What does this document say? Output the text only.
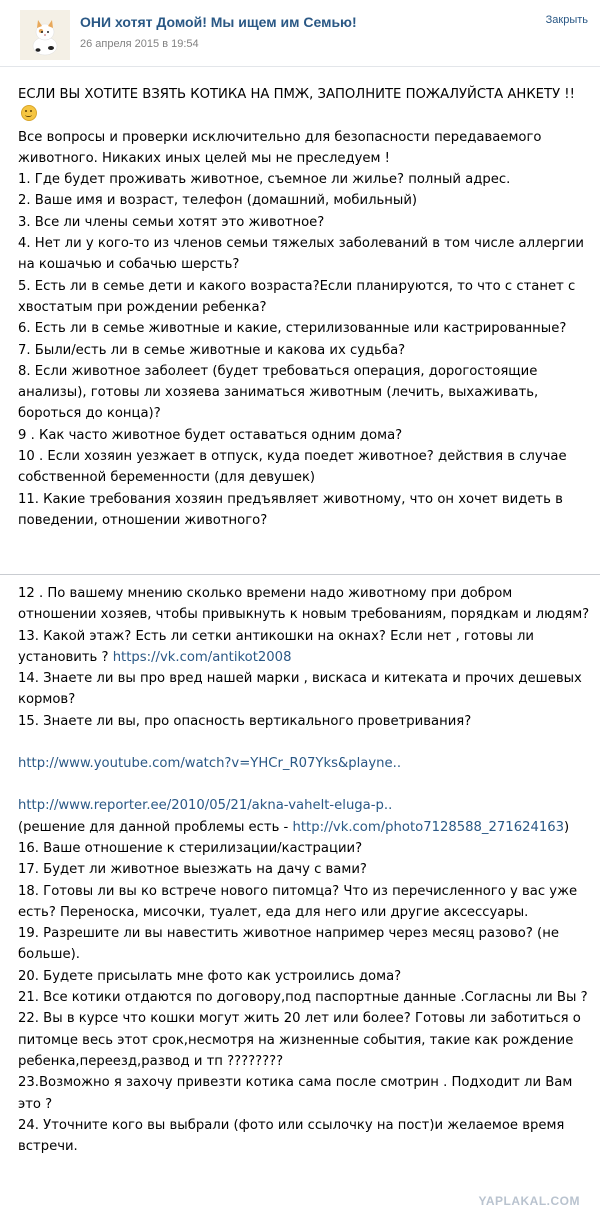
ОНИ хотят Домой! Мы ищем им Семью!
26 апреля 2015 в 19:54
Закрыть

ЕСЛИ ВЫ ХОТИТЕ ВЗЯТЬ КОТИКА НА ПМЖ, ЗАПОЛНИТЕ ПОЖАЛУЙСТА АНКЕТУ !!

Все вопросы и проверки исключительно для безопасности передаваемого животного. Никаких иных целей мы не преследуем !

1. Где будет проживать животное, съемное ли жилье? полный адрес.

2. Ваше имя и возраст, телефон (домашний, мобильный)

3. Все ли члены семьи хотят это животное?

4. Нет ли у кого-то из членов семьи тяжелых заболеваний в том числе аллергии на кошачью и собачью шерсть?

5. Есть ли в семье дети и какого возраста?Если планируются, то что с станет с хвостатым при рождении ребенка?

6. Есть ли в семье животные и какие, стерилизованные или кастрированные?

7. Были/есть ли в семье животные и какова их судьба?

8. Если животное заболеет (будет требоваться операция, дорогостоящие анализы), готовы ли хозяева заниматься животным (лечить, выхаживать, бороться до конца)?

9 . Как часто животное будет оставаться одним дома?

10 . Если хозяин уезжает в отпуск, куда поедет животное? действия в случае собственной беременности (для девушек)

11. Какие требования хозяин предъявляет животному, что он хочет видеть в поведении, отношении животного?

12 . По вашему мнению сколько времени надо животному при добром отношении хозяев, чтобы привыкнуть к новым требованиям, порядкам и людям?

13. Какой этаж? Есть ли сетки антикошки на окнах? Если нет , готовы ли установить ? https://vk.com/antikot2008

14. Знаете ли вы про вред нашей марки , вискаса и китеката и прочих дешевых кормов?

15. Знаете ли вы, про опасность вертикального проветривания?

http://www.youtube.com/watch?v=YHCr_R07Yks&playne..

http://www.reporter.ee/2010/05/21/akna-vahelt-eluga-p..

(решение для данной проблемы есть - http://vk.com/photo7128588_271624163)

16. Ваше отношение к стерилизации/кастрации?

17. Будет ли животное выезжать на дачу с вами?

18. Готовы ли вы ко встрече нового питомца? Что из перечисленного у вас уже есть? Переноска, мисочки, туалет, еда для него или другие аксессуары.

19. Разрешите ли вы навестить животное например через месяц разово? (не больше).

20. Будете присылать мне фото как устроились дома?

21. Все котики отдаются по договору,под паспортные данные .Согласны ли Вы ?

22. Вы в курсе что кошки могут жить 20 лет или более? Готовы ли заботиться о питомце весь этот срок,несмотря на жизненные события, такие как рождение ребенка,переезд,развод и тп ????????

23.Возможно я захочу привезти котика сама после смотрин . Подходит ли Вам это ?

24. Уточните кого вы выбрали (фото или ссылочку на пост)и желаемое время встречи.

YAPLAKAL.COM
